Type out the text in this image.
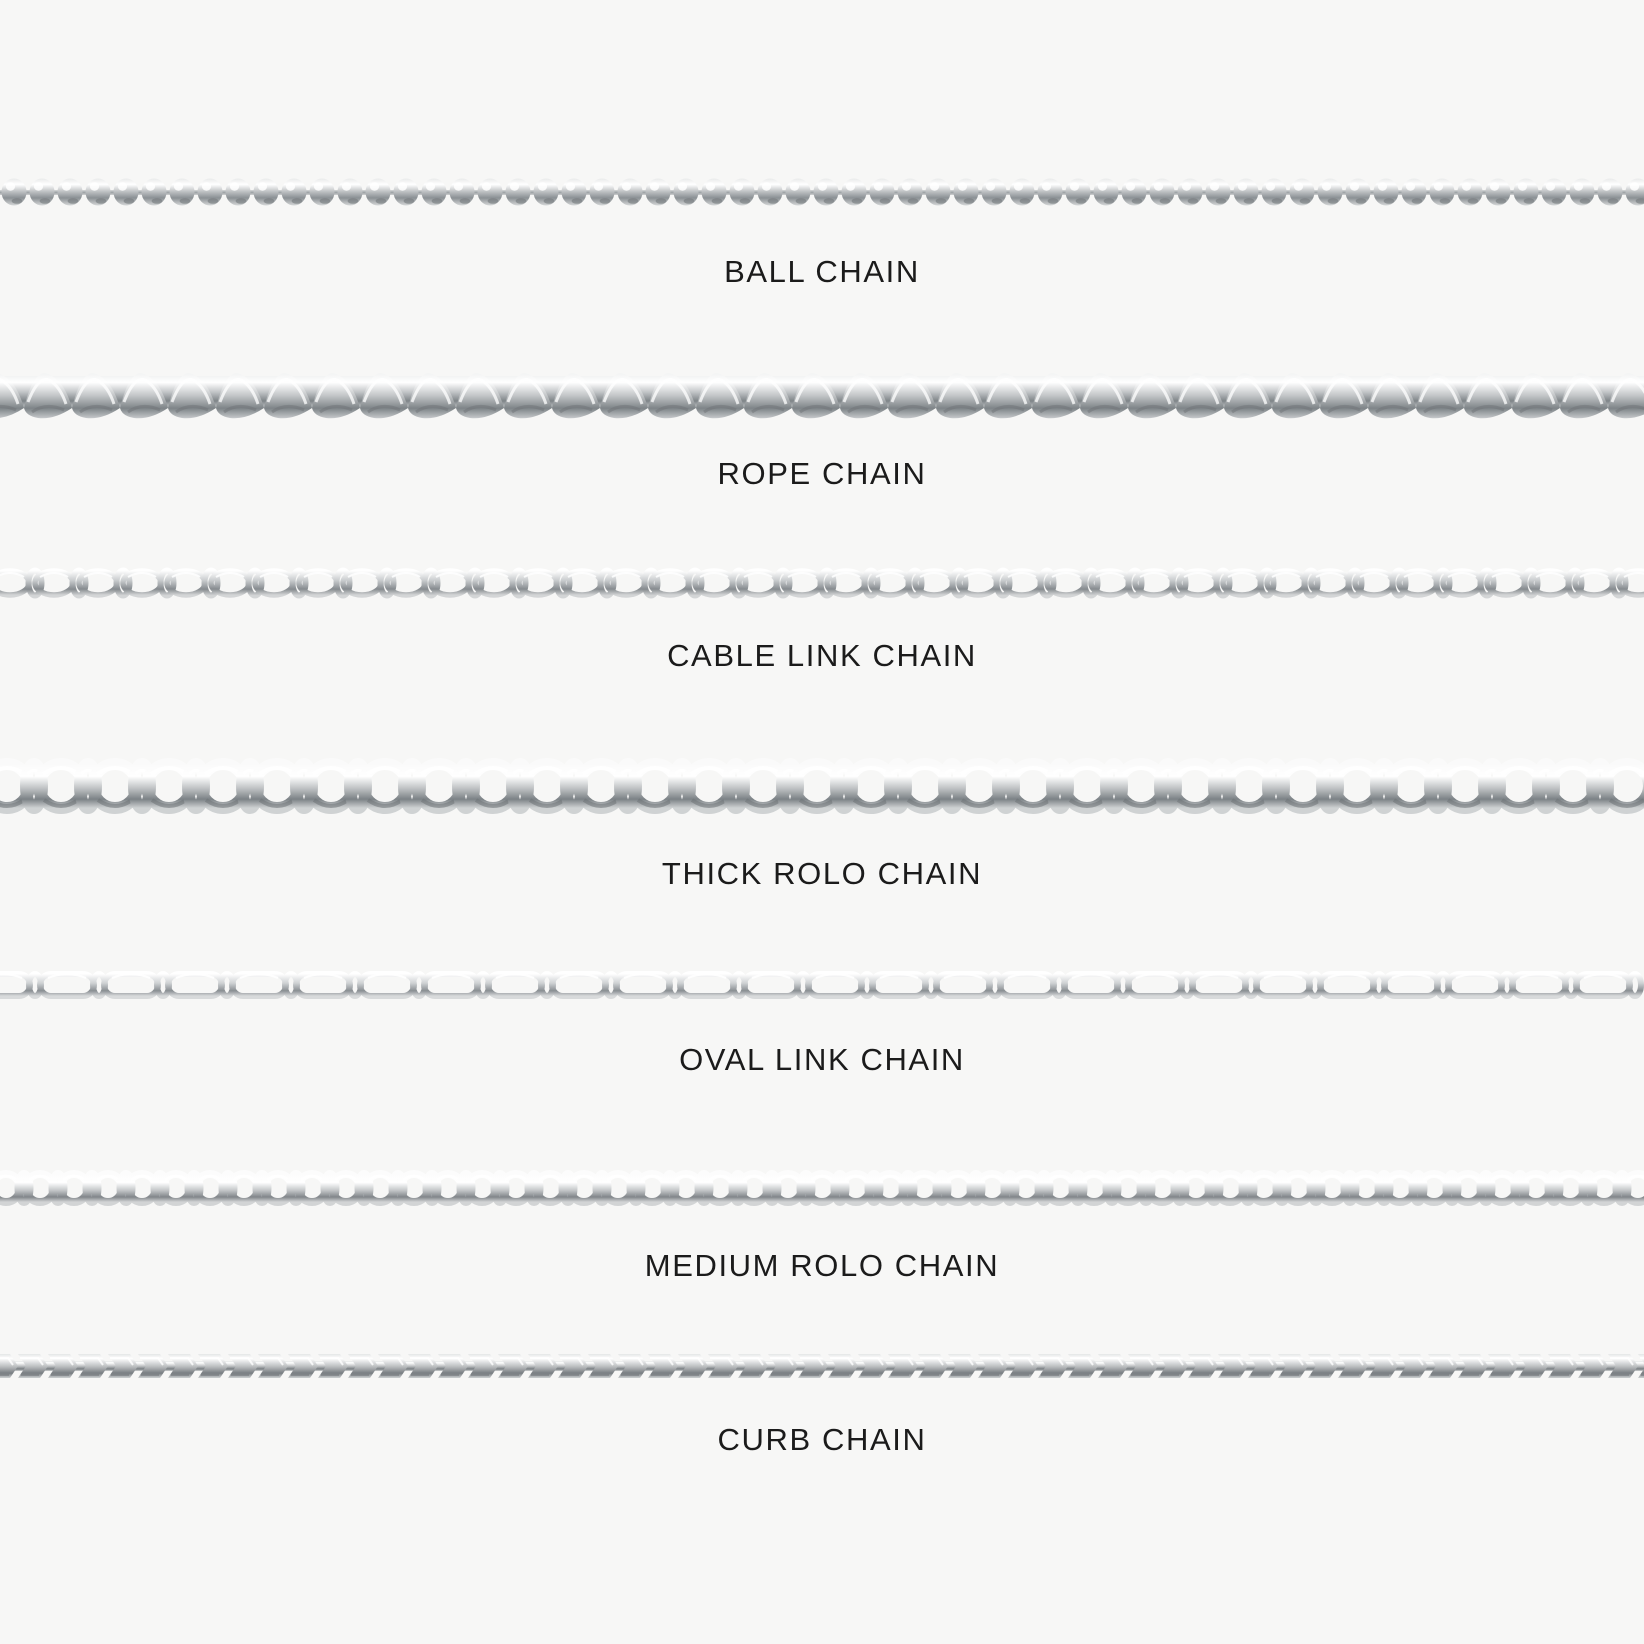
BALL CHAIN
ROPE CHAIN
CABLE LINK CHAIN
THICK ROLO CHAIN
OVAL LINK CHAIN
MEDIUM ROLO CHAIN
CURB CHAIN
